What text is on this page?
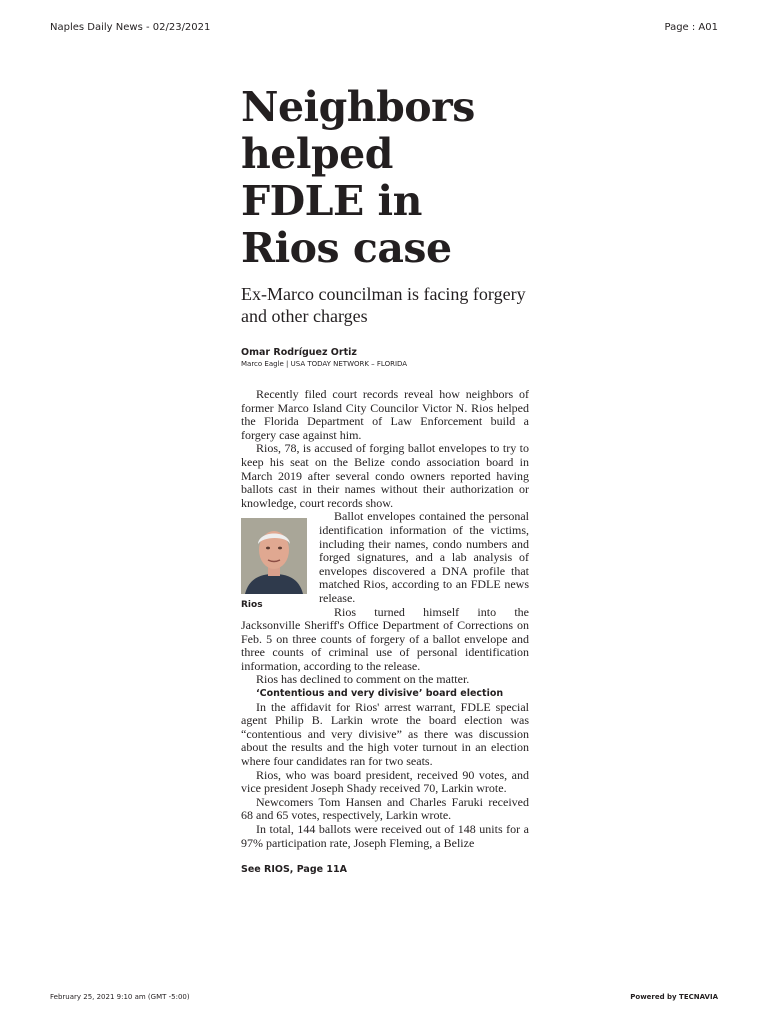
Naples Daily News - 02/23/2021	Page : A01
Neighbors helped FDLE in Rios case

Ex-Marco councilman is facing forgery and other charges

Omar Rodríguez Ortiz

Marco Eagle | USA TODAY NETWORK – FLORIDA

Recently filed court records reveal how neighbors of former Marco Island City Councilor Victor N. Rios helped the Florida Department of Law Enforcement build a forgery case against him.

Rios, 78, is accused of forging ballot envelopes to try to keep his seat on the Belize condo association board in March 2019 after several condo owners reported having ballots cast in their names without their authorization or knowledge, court records show.

Rios

Ballot envelopes contained the personal identification information of the victims, including their names, condo numbers and forged signatures, and a lab analysis of envelopes discovered a DNA profile that matched Rios, according to an FDLE news release.

Rios turned himself into the Jacksonville Sheriff's Office Department of Corrections on Feb. 5 on three counts of forgery of a ballot envelope and three counts of criminal use of personal identification information, according to the release.

Rios has declined to comment on the matter.

‘Contentious and very divisive’ board election

In the affidavit for Rios' arrest warrant, FDLE special agent Philip B. Larkin wrote the board election was “contentious and very divisive” as there was discussion about the results and the high voter turnout in an election where four candidates ran for two seats.

Rios, who was board president, received 90 votes, and vice president Joseph Shady received 70, Larkin wrote.

Newcomers Tom Hansen and Charles Faruki received 68 and 65 votes, respectively, Larkin wrote.

In total, 144 ballots were received out of 148 units for a 97% participation rate, Joseph Fleming, a Belize

See RIOS, Page 11A
February 25, 2021 9:10 am (GMT -5:00)	Powered by TECNAVIA
